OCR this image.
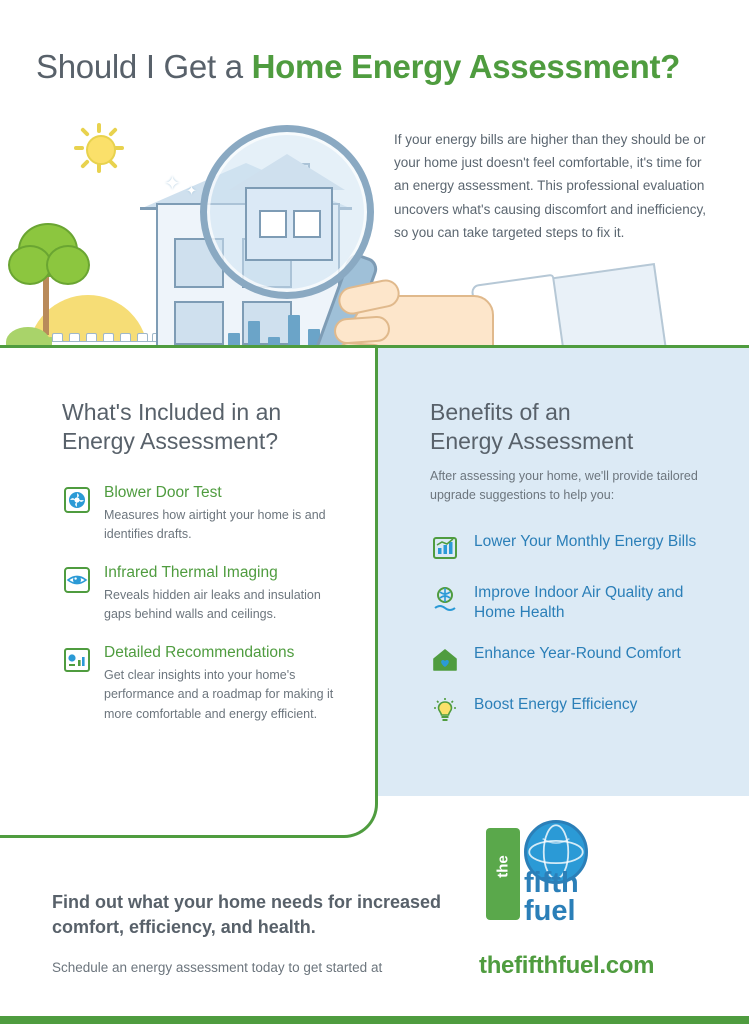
Should I Get a Home Energy Assessment?
✦ ✦
If your energy bills are higher than they should be or your home just doesn't feel comfortable, it's time for an energy assessment. This professional evaluation uncovers what's causing discomfort and inefficiency, so you can take targeted steps to fix it.
Benefits of an
Energy Assessment
After assessing your home, we'll provide tailored upgrade suggestions to help you:
Lower Your Monthly Energy Bills
Improve Indoor Air Quality and Home Health
Enhance Year-Round Comfort
Boost Energy Efficiency
What's Included in an
Energy Assessment?
Blower Door Test
Measures how airtight your home is and identifies drafts.
Infrared Thermal Imaging
Reveals hidden air leaks and insulation gaps behind walls and ceilings.
Detailed Recommendations
Get clear insights into your home's performance and a roadmap for making it more comfortable and energy efficient.
Find out what your home needs for increased comfort, efficiency, and health.
Schedule an energy assessment today to get started at
the
fifth
fuel
thefifthfuel.com
